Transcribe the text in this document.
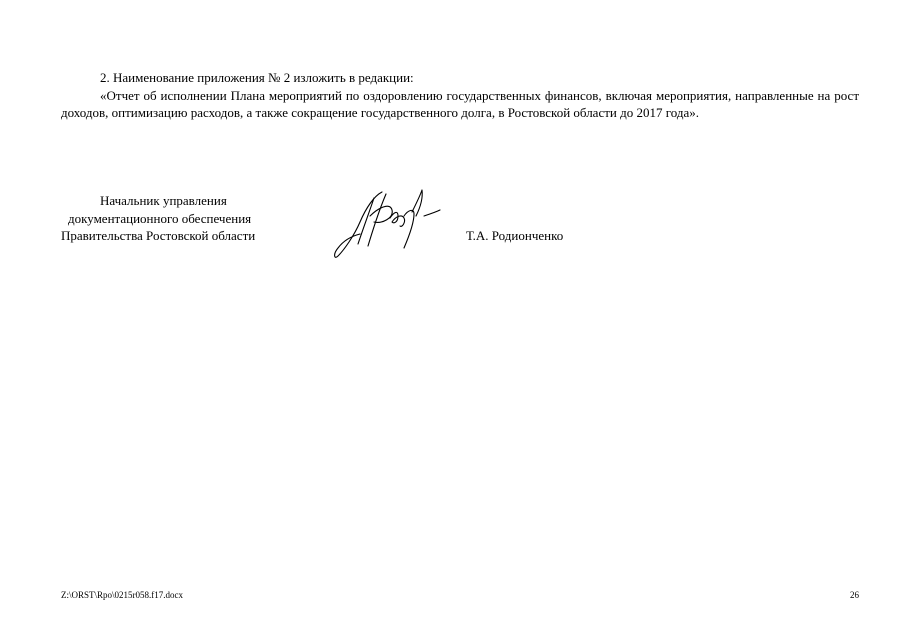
2. Наименование приложения № 2 изложить в редакции:

«Отчет об исполнении Плана мероприятий по оздоровлению государственных финансов, включая мероприятия, направленные на рост доходов, оптимизацию расходов, а также сокращение государственного долга, в Ростовской области до 2017 года».

Начальник управления
документационного обеспечения
Правительства Ростовской области	Т.А. Родионченко
Z:\ORST\Rpo\0215r058.f17.docx	26
